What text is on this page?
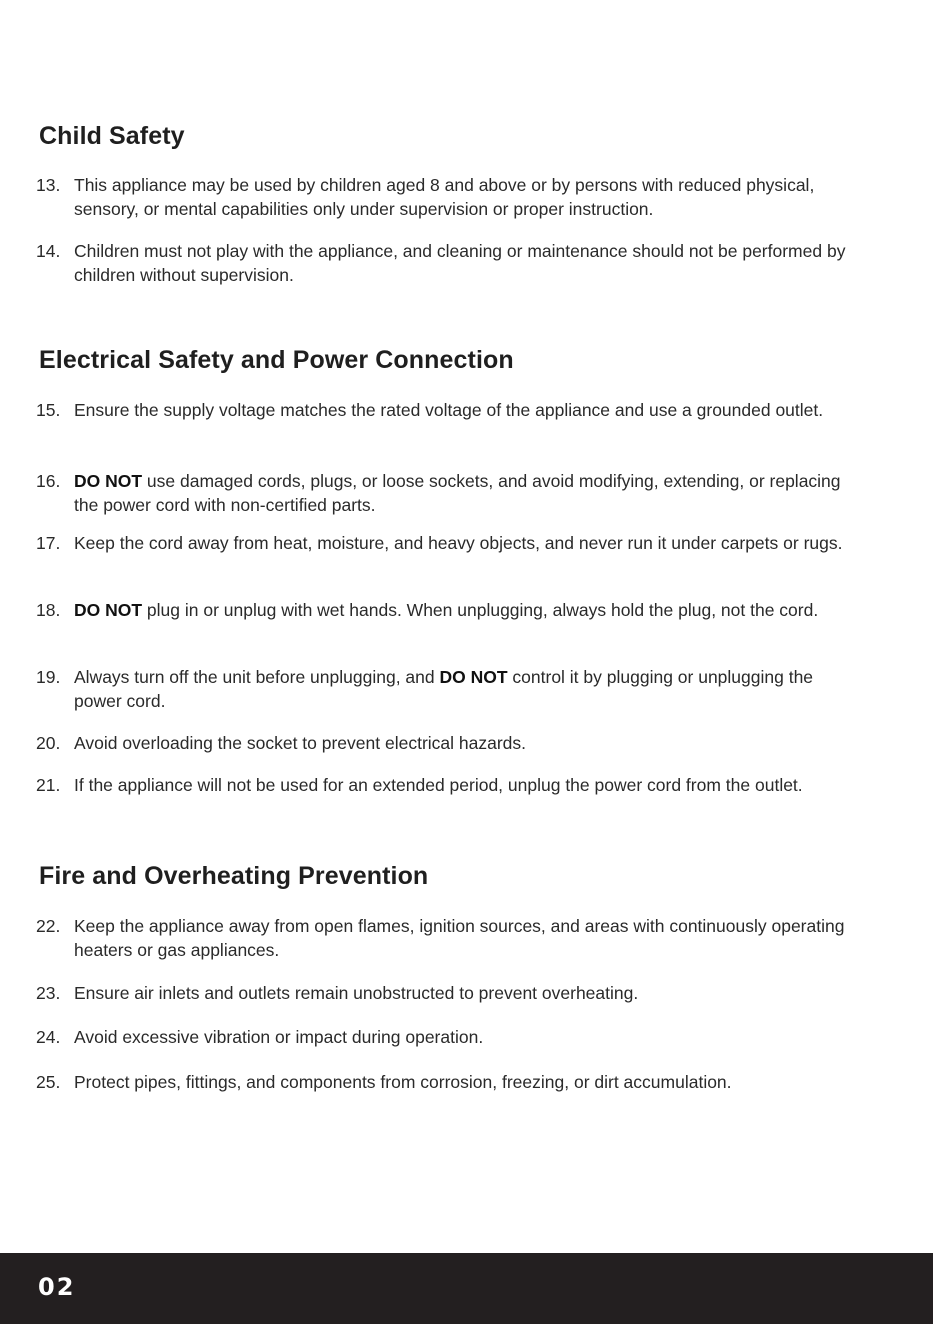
Child Safety
13. This appliance may be used by children aged 8 and above or by persons with reduced physical, sensory, or mental capabilities only under supervision or proper instruction.
14. Children must not play with the appliance, and cleaning or maintenance should not be performed by children without supervision.
Electrical Safety and Power Connection
15. Ensure the supply voltage matches the rated voltage of the appliance and use a grounded outlet.
16. DO NOT use damaged cords, plugs, or loose sockets, and avoid modifying, extending, or replacing the power cord with non-certified parts.
17. Keep the cord away from heat, moisture, and heavy objects, and never run it under carpets or rugs.
18. DO NOT plug in or unplug with wet hands. When unplugging, always hold the plug, not the cord.
19. Always turn off the unit before unplugging, and DO NOT control it by plugging or unplugging the power cord.
20. Avoid overloading the socket to prevent electrical hazards.
21. If the appliance will not be used for an extended period, unplug the power cord from the outlet.
Fire and Overheating Prevention
22. Keep the appliance away from open flames, ignition sources, and areas with continuously operating heaters or gas appliances.
23. Ensure air inlets and outlets remain unobstructed to prevent overheating.
24. Avoid excessive vibration or impact during operation.
25. Protect pipes, fittings, and components from corrosion, freezing, or dirt accumulation.
02
